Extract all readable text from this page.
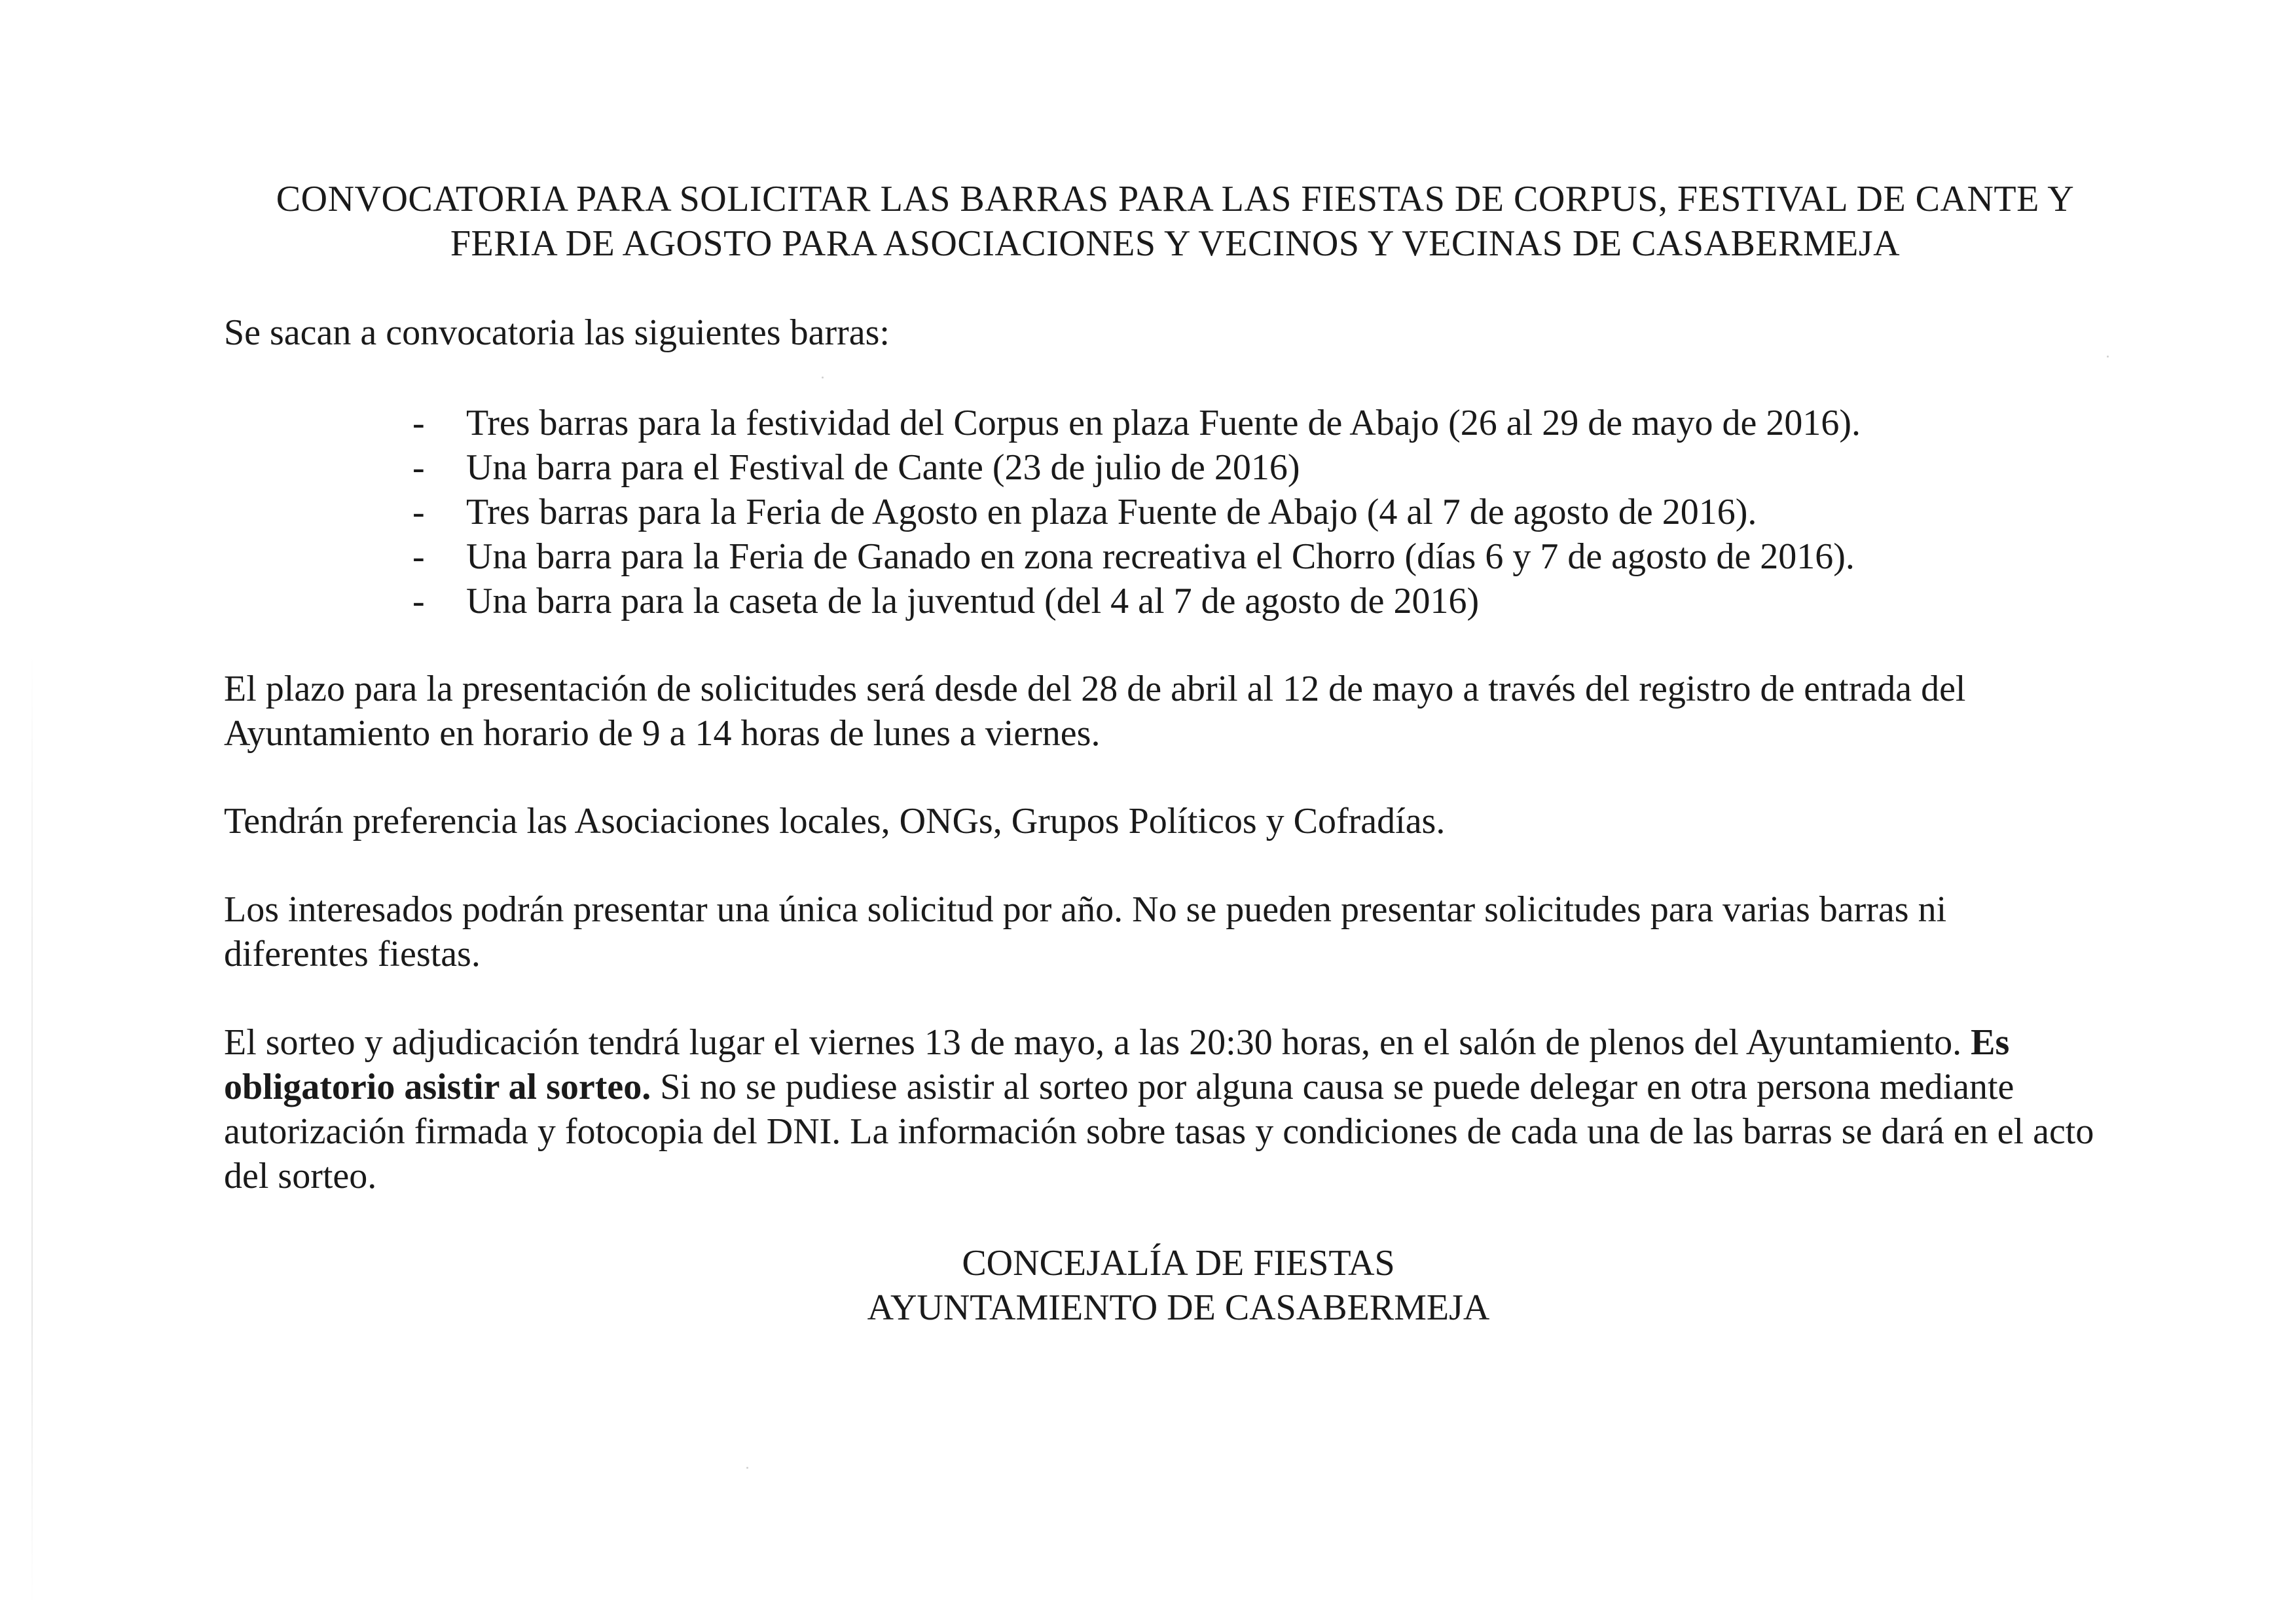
CONVOCATORIA PARA SOLICITAR LAS BARRAS PARA LAS FIESTAS DE CORPUS, FESTIVAL DE CANTE Y
FERIA DE AGOSTO PARA ASOCIACIONES Y VECINOS Y VECINAS DE CASABERMEJA
Se sacan a convocatoria las siguientes barras:
- Tres barras para la festividad del Corpus en plaza Fuente de Abajo (26 al 29 de mayo de 2016).
- Una barra para el Festival de Cante (23 de julio de 2016)
- Tres barras para la Feria de Agosto en plaza Fuente de Abajo (4 al 7 de agosto de 2016).
- Una barra para la Feria de Ganado en zona recreativa el Chorro (días 6 y 7 de agosto de 2016).
- Una barra para la caseta de la juventud (del 4 al 7 de agosto de 2016)
El plazo para la presentación de solicitudes será desde del 28 de abril al 12 de mayo a través del registro de entrada del
Ayuntamiento en horario de 9 a 14 horas de lunes a viernes.
Tendrán preferencia las Asociaciones locales, ONGs, Grupos Políticos y Cofradías.
Los interesados podrán presentar una única solicitud por año. No se pueden presentar solicitudes para varias barras ni
diferentes fiestas.
El sorteo y adjudicación tendrá lugar el viernes 13 de mayo, a las 20:30 horas, en el salón de plenos del Ayuntamiento. Es obligatorio asistir al sorteo. Si no se pudiese asistir al sorteo por alguna causa se puede delegar en otra persona mediante autorización firmada y fotocopia del DNI. La información sobre tasas y condiciones de cada una de las barras se dará en el acto del sorteo.
CONCEJALÍA DE FIESTAS
AYUNTAMIENTO DE CASABERMEJA
